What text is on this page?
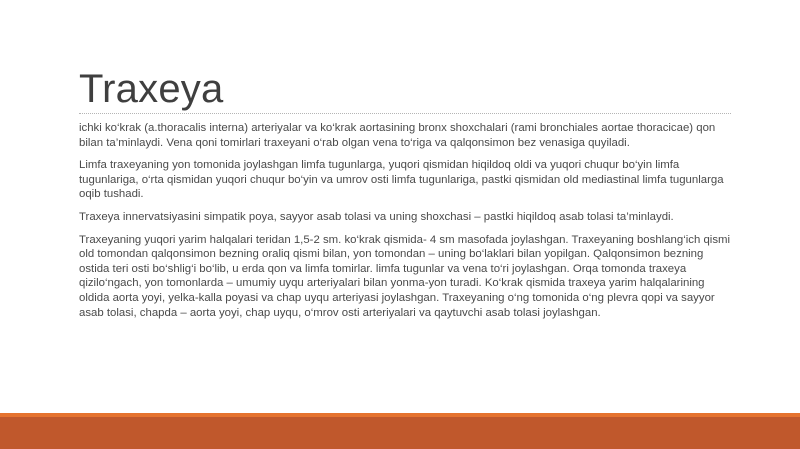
Traxeya

ichki ko‘krak (a.thoracalis interna) arteriyalar va ko‘krak aortasining bronx shoxchalari (rami bronchiales aortae thoracicae) qon bilan ta’minlaydi. Vena qoni tomirlari traxeyani o‘rab olgan vena to‘riga va qalqonsimon bez venasiga quyiladi.

Limfa traxeyaning yon tomonida joylashgan limfa tugunlarga, yuqori qismidan hiqildoq oldi va yuqori chuqur bo‘yin limfa tugunlariga, o‘rta qismidan yuqori chuqur bo‘yin va umrov osti limfa tugunlariga, pastki qismidan old mediastinal limfa tugunlarga oqib tushadi.

Traxeya innervatsiyasini simpatik poya, sayyor asab tolasi va uning shoxchasi – pastki hiqildoq asab tolasi ta’minlaydi.

Traxeyaning yuqori yarim halqalari teridan 1,5-2 sm. ko‘krak qismida- 4 sm masofada joylashgan. Traxeyaning boshlang‘ich qismi old tomondan qalqonsimon bezning oraliq qismi bilan, yon tomondan – uning bo‘laklari bilan yopilgan. Qalqonsimon bezning ostida teri osti bo‘shlig‘i bo‘lib, u erda qon va limfa tomirlar. limfa tugunlar va vena to‘ri joylashgan. Orqa tomonda traxeya qizilo‘ngach, yon tomonlarda – umumiy uyqu arteriyalari bilan yonma-yon turadi. Ko‘krak qismida traxeya yarim halqalarining oldida aorta yoyi, yelka-kalla poyasi va chap uyqu arteriyasi joylashgan. Traxeyaning o‘ng tomonida o‘ng plevra qopi va sayyor asab tolasi, chapda – aorta yoyi, chap uyqu, o‘mrov osti arteriyalari va qaytuvchi asab tolasi joylashgan.
